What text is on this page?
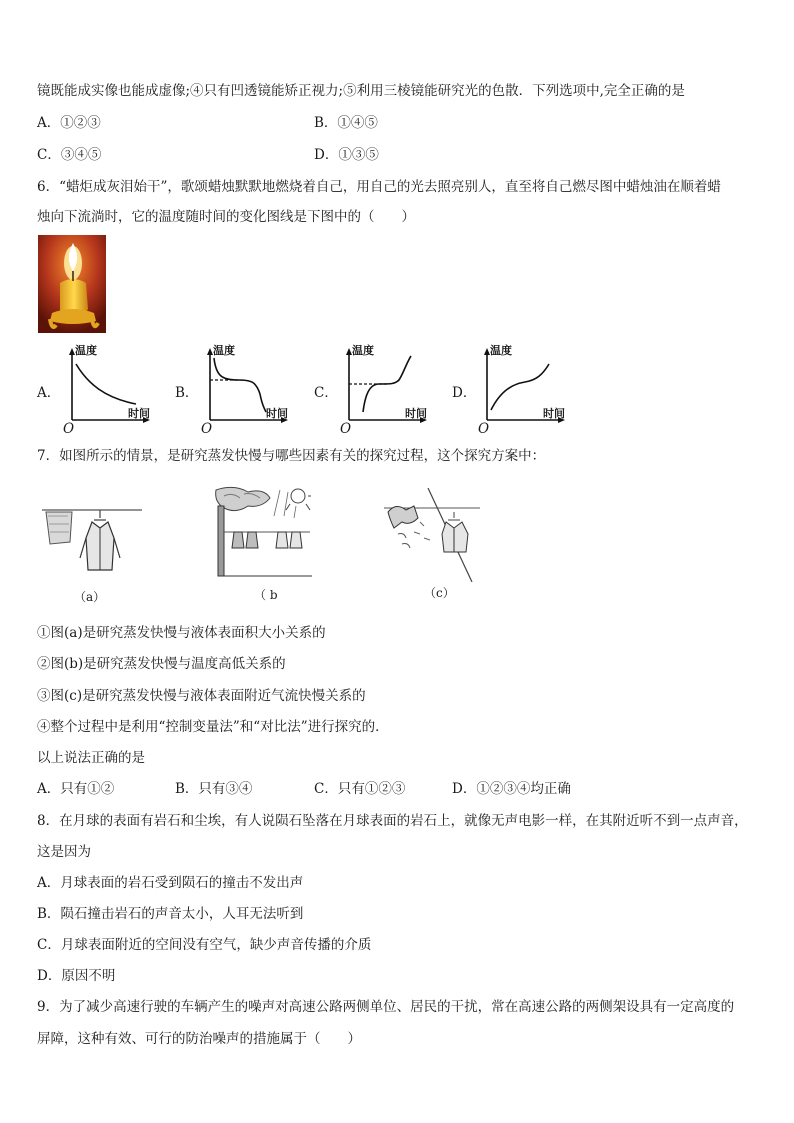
镜既能成实像也能成虚像;④只有凹透镜能矫正视力;⑤利用三棱镜能研究光的色散．下列选项中,完全正确的是
A．①②③	B．①④⑤
C．③④⑤	D．①③⑤
6．“蜡炬成灰泪始干”，歌颂蜡烛默默地燃烧着自己，用自己的光去照亮别人，直至将自己燃尽图中蜡烛油在顺着蜡
烛向下流淌时，它的温度随时间的变化图线是下图中的（　　）
A．
温度
时间
O
B．
温度
时间
O
C．
温度
时间
O
D．
温度
时间
O
7．如图所示的情景，是研究蒸发快慢与哪些因素有关的探究过程，这个探究方案中：
（a）	（ b	（c）
①图(a)是研究蒸发快慢与液体表面积大小关系的
②图(b)是研究蒸发快慢与温度高低关系的
③图(c)是研究蒸发快慢与液体表面附近气流快慢关系的
④整个过程中是利用“控制变量法”和“对比法”进行探究的．
以上说法正确的是
A．只有①②	B．只有③④	C．只有①②③	D．①②③④均正确
8．在月球的表面有岩石和尘埃，有人说陨石坠落在月球表面的岩石上，就像无声电影一样，在其附近听不到一点声音，
这是因为
A．月球表面的岩石受到陨石的撞击不发出声
B．陨石撞击岩石的声音太小，人耳无法听到
C．月球表面附近的空间没有空气，缺少声音传播的介质
D．原因不明
9．为了减少高速行驶的车辆产生的噪声对高速公路两侧单位、居民的干扰，常在高速公路的两侧架设具有一定高度的
屏障，这种有效、可行的防治噪声的措施属于（　　）
